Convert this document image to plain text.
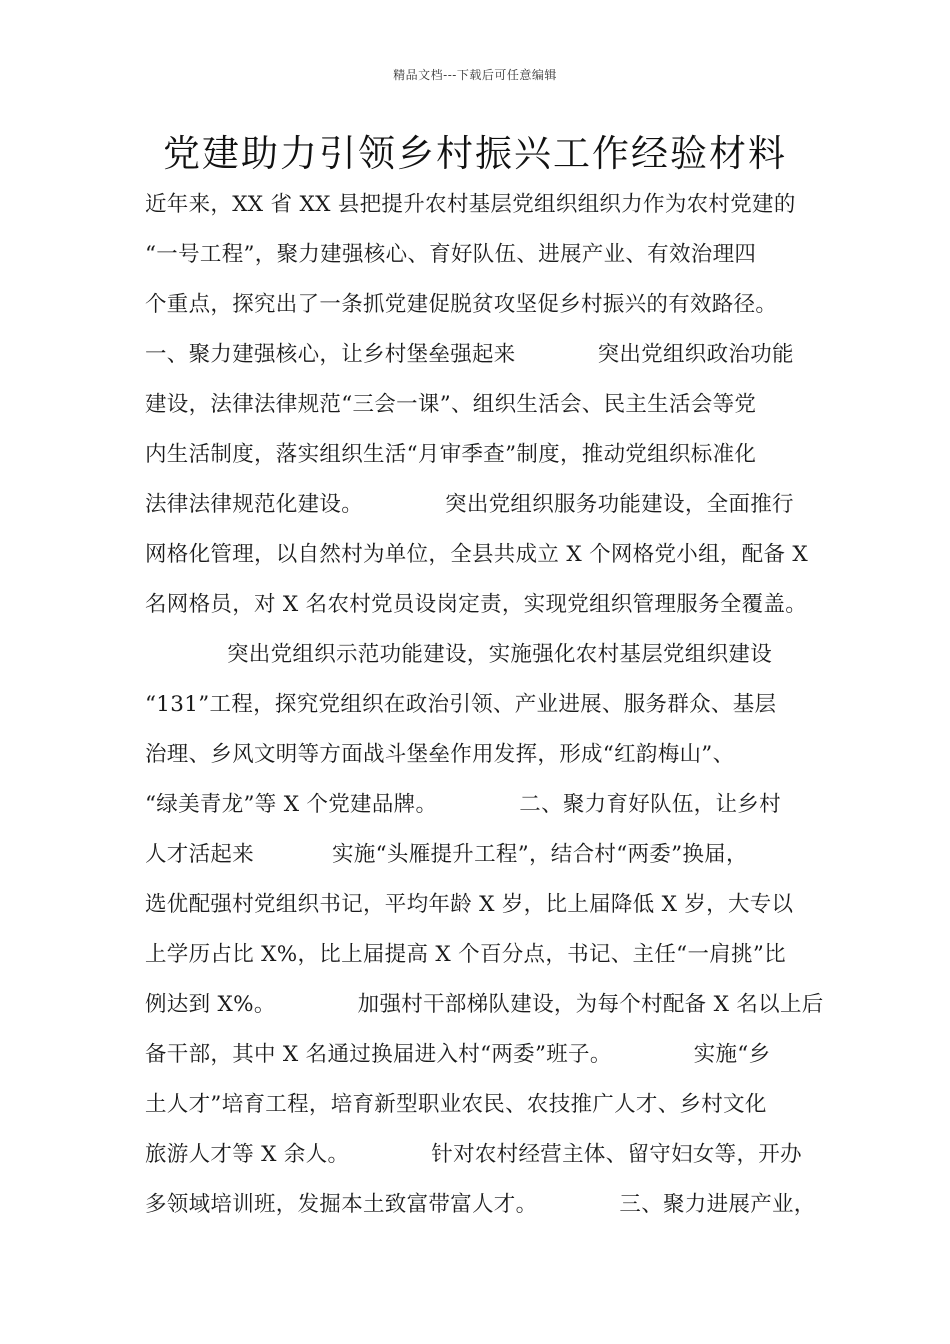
精品文档---下载后可任意编辑
党建助力引领乡村振兴工作经验材料
近年来，XX 省 XX 县把提升农村基层党组织组织力作为农村党建的
“一号工程”，聚力建强核心、育好队伍、进展产业、有效治理四
个重点，探究出了一条抓党建促脱贫攻坚促乡村振兴的有效路径。
一、聚力建强核心，让乡村堡垒强起来	突出党组织政治功能
建设，法律法律规范“三会一课”、组织生活会、民主生活会等党
内生活制度，落实组织生活“月审季查”制度，推动党组织标准化
法律法律规范化建设。	突出党组织服务功能建设，全面推行
网格化管理，以自然村为单位，全县共成立 X 个网格党小组，配备 X
名网格员，对 X 名农村党员设岗定责，实现党组织管理服务全覆盖。
突出党组织示范功能建设，实施强化农村基层党组织建设
“131”工程，探究党组织在政治引领、产业进展、服务群众、基层
治理、乡风文明等方面战斗堡垒作用发挥，形成“红韵梅山”、
“绿美青龙”等 X 个党建品牌。	二、聚力育好队伍，让乡村
人才活起来	实施“头雁提升工程”，结合村“两委”换届，
选优配强村党组织书记，平均年龄 X 岁，比上届降低 X 岁，大专以
上学历占比 X%，比上届提高 X 个百分点，书记、主任“一肩挑”比
例达到 X%。	加强村干部梯队建设，为每个村配备 X 名以上后
备干部，其中 X 名通过换届进入村“两委”班子。	实施“乡
土人才”培育工程，培育新型职业农民、农技推广人才、乡村文化
旅游人才等 X 余人。	针对农村经营主体、留守妇女等，开办
多领域培训班，发掘本土致富带富人才。	三、聚力进展产业，
